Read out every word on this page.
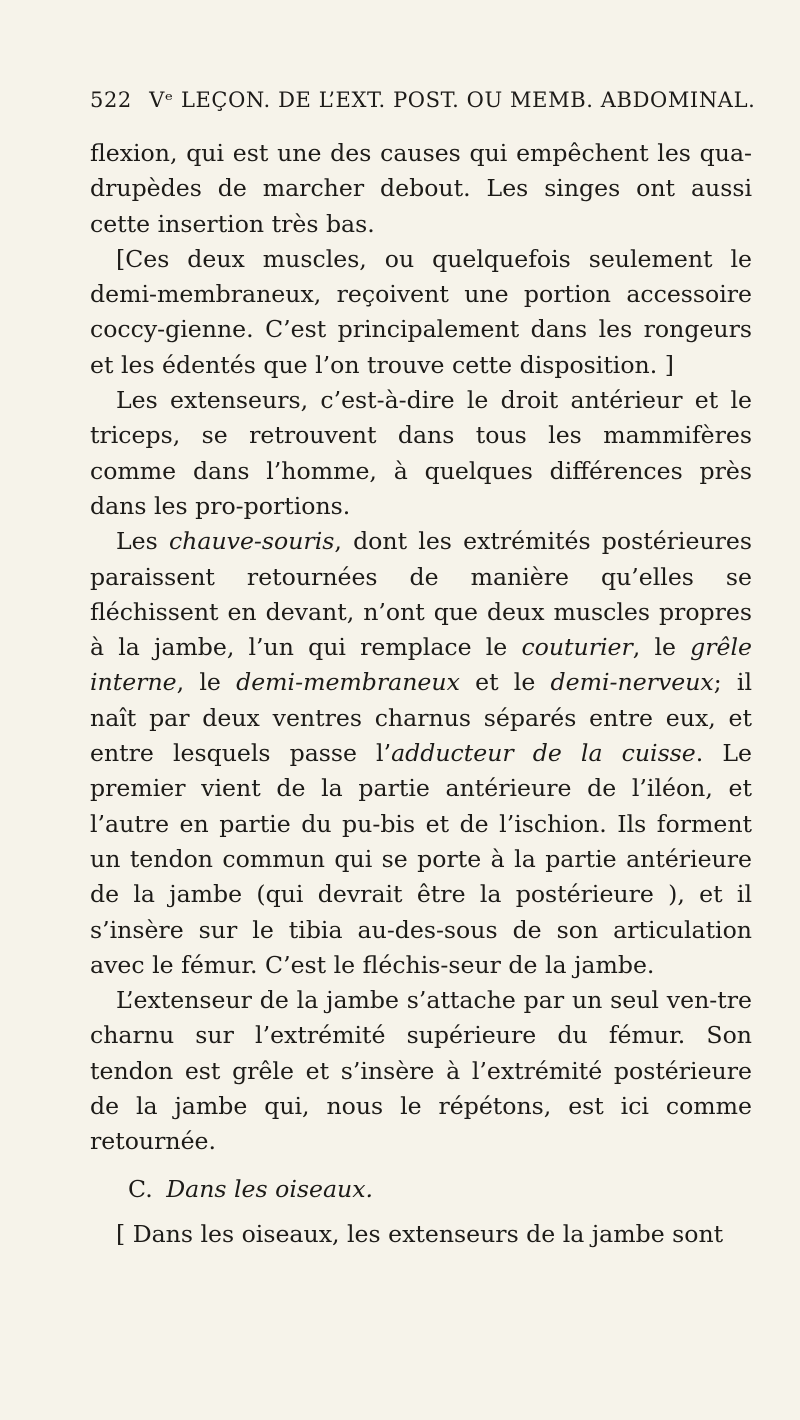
522 Vᵉ LEÇON. DE L’EXT. POST. OU MEMB. ABDOMINAL.

flexion, qui est une des causes qui empêchent les qua-drupèdes de marcher debout. Les singes ont aussi cette insertion très bas.

[Ces deux muscles, ou quelquefois seulement le demi-membraneux, reçoivent une portion accessoire coccy-gienne. C’est principalement dans les rongeurs et les édentés que l’on trouve cette disposition. ]

Les extenseurs, c’est-à-dire le droit antérieur et le triceps, se retrouvent dans tous les mammifères comme dans l’homme, à quelques différences près dans les pro-portions.

Les chauve-souris, dont les extrémités postérieures paraissent retournées de manière qu’elles se fléchissent en devant, n’ont que deux muscles propres à la jambe, l’un qui remplace le couturier, le grêle interne, le demi-membraneux et le demi-nerveux; il naît par deux ventres charnus séparés entre eux, et entre lesquels passe l’adducteur de la cuisse. Le premier vient de la partie antérieure de l’iléon, et l’autre en partie du pu-bis et de l’ischion. Ils forment un tendon commun qui se porte à la partie antérieure de la jambe (qui devrait être la postérieure ), et il s’insère sur le tibia au-des-sous de son articulation avec le fémur. C’est le fléchis-seur de la jambe.

L’extenseur de la jambe s’attache par un seul ven-tre charnu sur l’extrémité supérieure du fémur. Son tendon est grêle et s’insère à l’extrémité postérieure de la jambe qui, nous le répétons, est ici comme retournée.

C. Dans les oiseaux.

[ Dans les oiseaux, les extenseurs de la jambe sont
